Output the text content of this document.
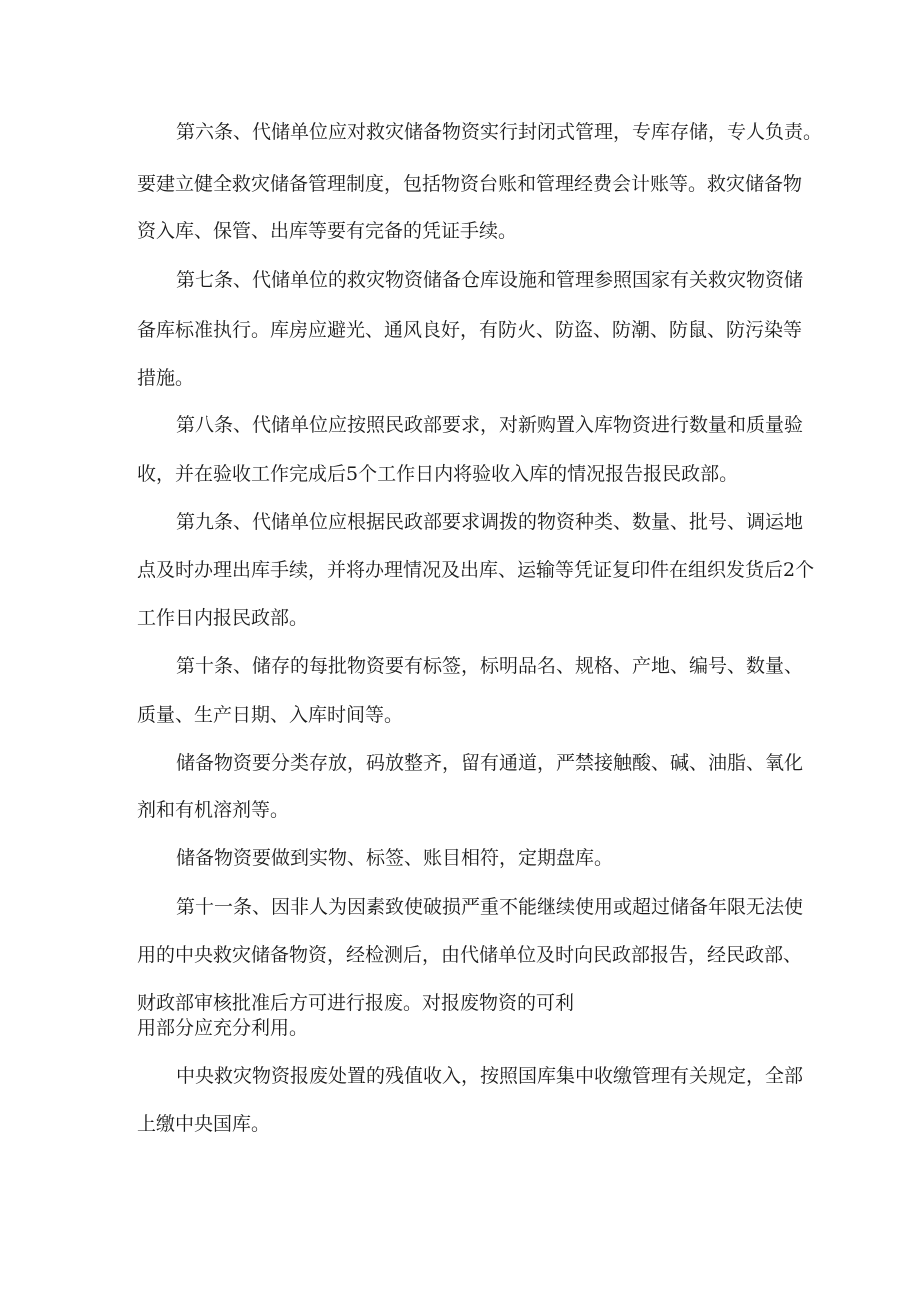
第六条、代储单位应对救灾储备物资实行封闭式管理，专库存储，专人负责。

要建立健全救灾储备管理制度，包括物资台账和管理经费会计账等。救灾储备物

资入库、保管、出库等要有完备的凭证手续。

第七条、代储单位的救灾物资储备仓库设施和管理参照国家有关救灾物资储

备库标准执行。库房应避光、通风良好，有防火、防盗、防潮、防鼠、防污染等

措施。

第八条、代储单位应按照民政部要求，对新购置入库物资进行数量和质量验

收，并在验收工作完成后5个工作日内将验收入库的情况报告报民政部。

第九条、代储单位应根据民政部要求调拨的物资种类、数量、批号、调运地

点及时办理出库手续，并将办理情况及出库、运输等凭证复印件在组织发货后2个

工作日内报民政部。

第十条、储存的每批物资要有标签，标明品名、规格、产地、编号、数量、

质量、生产日期、入库时间等。

储备物资要分类存放，码放整齐，留有通道，严禁接触酸、碱、油脂、氧化

剂和有机溶剂等。

储备物资要做到实物、标签、账目相符，定期盘库。

第十一条、因非人为因素致使破损严重不能继续使用或超过储备年限无法使

用的中央救灾储备物资，经检测后，由代储单位及时向民政部报告，经民政部、

财政部审核批准后方可进行报废。对报废物资的可利

用部分应充分利用。

中央救灾物资报废处置的残值收入，按照国库集中收缴管理有关规定，全部

上缴中央国库。
